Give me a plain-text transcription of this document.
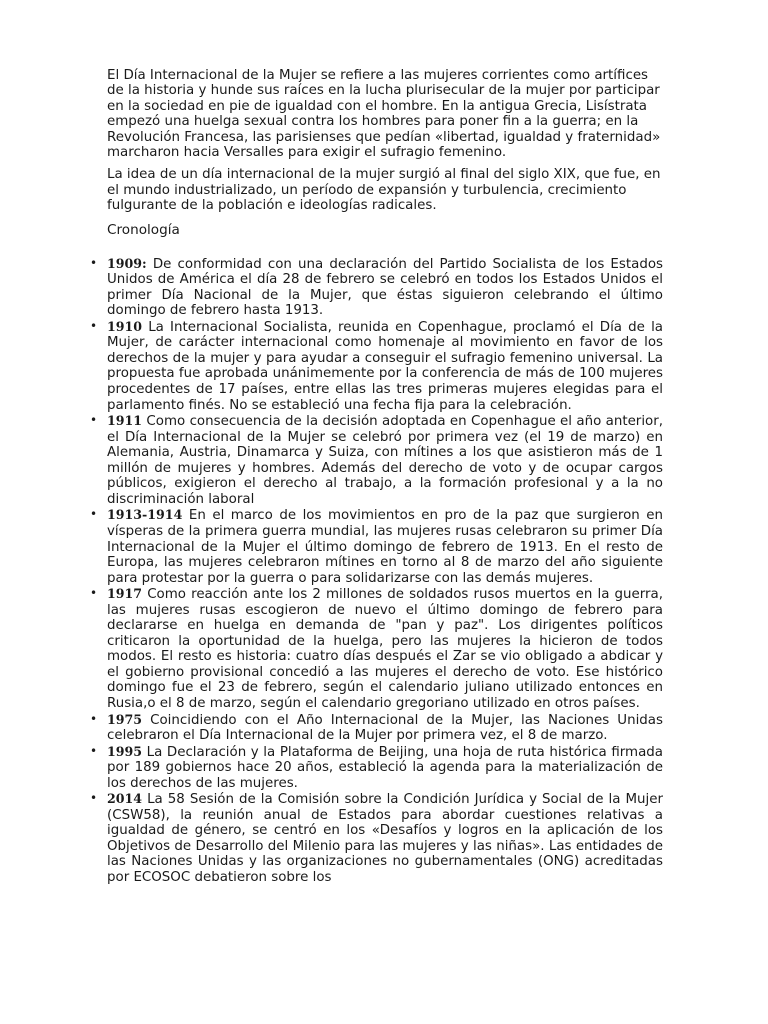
El Día Internacional de la Mujer se refiere a las mujeres corrientes como artífices de la historia y hunde sus raíces en la lucha plurisecular de la mujer por participar en la sociedad en pie de igualdad con el hombre. En la antigua Grecia, Lisístrata empezó una huelga sexual contra los hombres para poner fin a la guerra; en la Revolución Francesa, las parisienses que pedían «libertad, igualdad y fraternidad» marcharon hacia Versalles para exigir el sufragio femenino.

La idea de un día internacional de la mujer surgió al final del siglo XIX, que fue, en el mundo industrializado, un período de expansión y turbulencia, crecimiento fulgurante de la población e ideologías radicales.

Cronología
• 1909: De conformidad con una declaración del Partido Socialista de los Estados Unidos de América el día 28 de febrero se celebró en todos los Estados Unidos el primer Día Nacional de la Mujer, que éstas siguieron celebrando el último domingo de febrero hasta 1913.
• 1910 La Internacional Socialista, reunida en Copenhague, proclamó el Día de la Mujer, de carácter internacional como homenaje al movimiento en favor de los derechos de la mujer y para ayudar a conseguir el sufragio femenino universal. La propuesta fue aprobada unánimemente por la conferencia de más de 100 mujeres procedentes de 17 países, entre ellas las tres primeras mujeres elegidas para el parlamento finés. No se estableció una fecha fija para la celebración.
• 1911 Como consecuencia de la decisión adoptada en Copenhague el año anterior, el Día Internacional de la Mujer se celebró por primera vez (el 19 de marzo) en Alemania, Austria, Dinamarca y Suiza, con mítines a los que asistieron más de 1 millón de mujeres y hombres. Además del derecho de voto y de ocupar cargos públicos, exigieron el derecho al trabajo, a la formación profesional y a la no discriminación laboral
• 1913-1914 En el marco de los movimientos en pro de la paz que surgieron en vísperas de la primera guerra mundial, las mujeres rusas celebraron su primer Día Internacional de la Mujer el último domingo de febrero de 1913. En el resto de Europa, las mujeres celebraron mítines en torno al 8 de marzo del año siguiente para protestar por la guerra o para solidarizarse con las demás mujeres.
• 1917 Como reacción ante los 2 millones de soldados rusos muertos en la guerra, las mujeres rusas escogieron de nuevo el último domingo de febrero para declararse en huelga en demanda de "pan y paz". Los dirigentes políticos criticaron la oportunidad de la huelga, pero las mujeres la hicieron de todos modos. El resto es historia: cuatro días después el Zar se vio obligado a abdicar y el gobierno provisional concedió a las mujeres el derecho de voto. Ese histórico domingo fue el 23 de febrero, según el calendario juliano utilizado entonces en Rusia,o el 8 de marzo, según el calendario gregoriano utilizado en otros países.
• 1975 Coincidiendo con el Año Internacional de la Mujer, las Naciones Unidas celebraron el Día Internacional de la Mujer por primera vez, el 8 de marzo.
• 1995 La Declaración y la Plataforma de Beijing, una hoja de ruta histórica firmada por 189 gobiernos hace 20 años, estableció la agenda para la materialización de los derechos de las mujeres.
• 2014 La 58 Sesión de la Comisión sobre la Condición Jurídica y Social de la Mujer (CSW58), la reunión anual de Estados para abordar cuestiones relativas a igualdad de género, se centró en los «Desafíos y logros en la aplicación de los Objetivos de Desarrollo del Milenio para las mujeres y las niñas». Las entidades de las Naciones Unidas y las organizaciones no gubernamentales (ONG) acreditadas por ECOSOC debatieron sobre los
